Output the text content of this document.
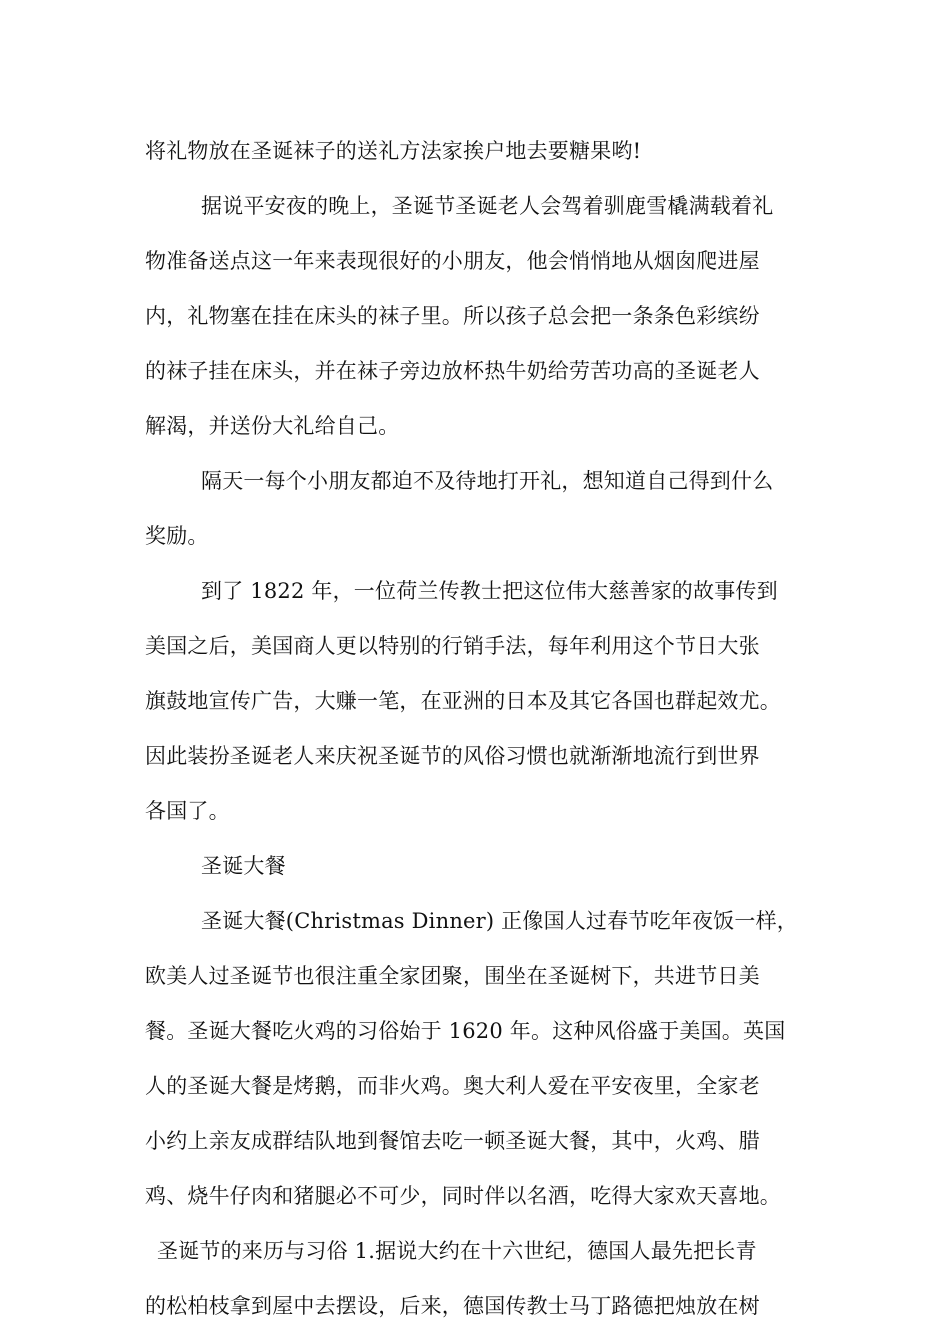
将礼物放在圣诞袜子的送礼方法家挨户地去要糖果哟!
据说平安夜的晚上，圣诞节圣诞老人会驾着驯鹿雪橇满载着礼
物准备送点这一年来表现很好的小朋友，他会悄悄地从烟囱爬进屋
内，礼物塞在挂在床头的袜子里。所以孩子总会把一条条色彩缤纷
的袜子挂在床头，并在袜子旁边放杯热牛奶给劳苦功高的圣诞老人
解渴，并送份大礼给自己。
隔天一每个小朋友都迫不及待地打开礼，想知道自己得到什么
奖励。
到了 1822 年，一位荷兰传教士把这位伟大慈善家的故事传到
美国之后，美国商人更以特别的行销手法，每年利用这个节日大张
旗鼓地宣传广告，大赚一笔，在亚洲的日本及其它各国也群起效尤。
因此装扮圣诞老人来庆祝圣诞节的风俗习惯也就渐渐地流行到世界
各国了。
圣诞大餐
圣诞大餐(Christmas Dinner) 正像国人过春节吃年夜饭一样，
欧美人过圣诞节也很注重全家团聚，围坐在圣诞树下，共进节日美
餐。圣诞大餐吃火鸡的习俗始于 1620 年。这种风俗盛于美国。英国
人的圣诞大餐是烤鹅，而非火鸡。奥大利人爱在平安夜里，全家老
小约上亲友成群结队地到餐馆去吃一顿圣诞大餐，其中，火鸡、腊
鸡、烧牛仔肉和猪腿必不可少，同时伴以名酒，吃得大家欢天喜地。
圣诞节的来历与习俗 1.据说大约在十六世纪，德国人最先把长青
的松柏枝拿到屋中去摆设，后来，德国传教士马丁路德把烛放在树
